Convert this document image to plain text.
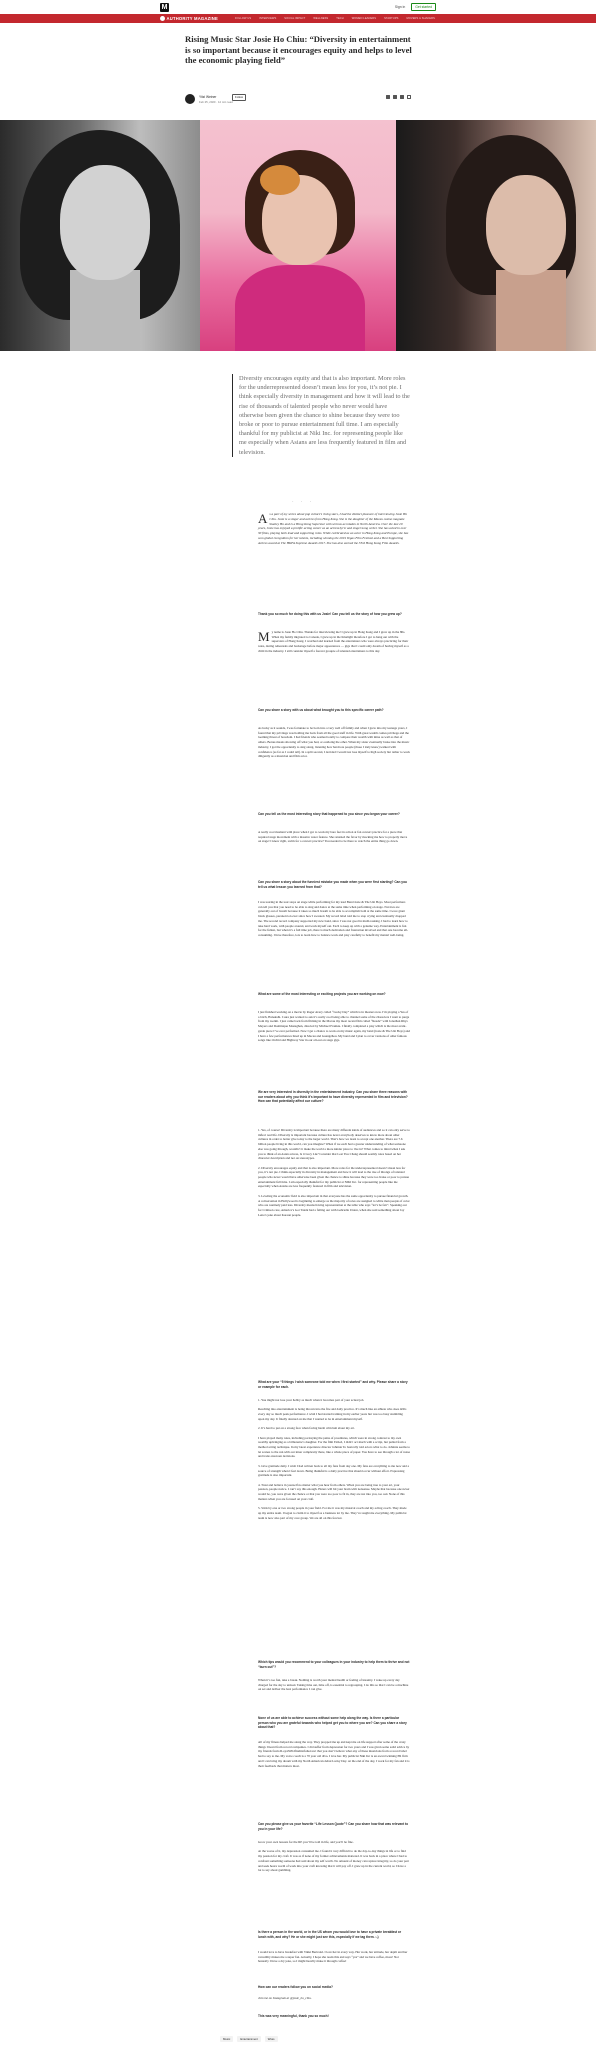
M	Sign in	Get started
AUTHORITY MAGAZINE	FOLLOW US	INTERVIEWS	SOCIAL IMPACT	WELLNESS	TECH	WOMEN LEADERS	STARTUPS	MOVERS & SHAKERS
Rising Music Star Josie Ho Chiu: “Diversity in entertainment is so important because it encourages equity and helps to level the economic playing field”
Yitzi Weiner	Follow
Feb 25, 2020 · 12 min read
Diversity encourages equity and that is also important. More roles for the underrepresented doesn’t mean less for you, it’s not pie. I think especially diversity in management and how it will lead to the rise of thousands of talented people who never would have otherwise been given the chance to shine because they were too broke or poor to pursue entertainment full time. I am especially thankful for my publicist at Niki Inc. for representing people like me especially when Asians are less frequently featured in film and television.
· · ·
As a part of my series about pop culture’s rising stars, I had the distinct pleasure of interviewing Josie Ho Chiu. Josie is a singer and actress from Hong Kong. She is the daughter of the Macau casino magnate Stanley Ho and is a Hong Kong Superstar with serious accolades in North America. Over the last 20 years, Josie has enjoyed a prolific acting career as an actress/lyric and singer/song writer. She has acted in over 30 films, playing both lead and supporting roles. While celebrated as an actor in Hong Kong and Europe, she has won global recognition for her talents, including winning the 2019 Vegas Film Festival and a Best Supporting Actress award at The HKFA Supreme Awards 2017. She has also earned the 33rd Hong Kong Film Awards.
Thank you so much for doing this with us Josie! Can you tell us the story of how you grew up?
My name is Josie Ho Chiu. Thanks for interviewing me! I grew up in Hong Kong and I grew up in the 80s. When my family migrated to Canada, I grew up in the limelight therefore I got to hang out with the superstars of Hong Kong. I watched and learned from the entertainers who were always practicing for their roles, during rehearsals and backstage before major appearances — gigs that I could only dream of having myself as a child in the industry. I still consider myself a forever groupie of talented entertainers to this day.
Can you share a story with us about what brought you to this specific career path?
As lucky as it sounds, I was fortunate to be born into a very well off family and when I grew into my teenage years, I found that my privilege was holding me back from all the good stuff in life. With great wealth comes privilege and the looming threat of boredom. I had friends who seemed totally to compare their wealth with mine as well as that of others. Bonus means showing off what you had, or outdoing the other. When my sister eventually broke into the music industry, I got the opportunity to sing along, listening how hardcore people (those I truly knew) walked with confidence (as far as I could tell). In a split second, I decided I would not lose myself to high society but rather to work diligently as a musician and film actor.
Can you tell us the most interesting story that happened to you since you began your career?
A really cool moment with place when I got to work my bare feet in action at fan concert practice for a piece that required stage movement with a massive water feature. She returned the favor by mocking me how to properly move on stage! I know right, swim for a concert practice? You needed to be there to watch the entire thing go down.
Can you share a story about the funniest mistake you made when you were first starting? Can you tell us what lesson you learned from that?
I was touring in the tour stops on stage while performing for my lead Band Josie & The Uni Boys. Most performers can tell you that you need to be able to sing and dance at the same time when performing on stage. Novices are generally out of breath because it takes so much breath to be able to accomplish both at the same time. I wore giant black glasses, paranoid on ever since how I sweated. My record label told me to stop crying and eventually dropped me. The second record company supported my new band, since I was not good in multi-tasking. I had to learn how to take hard work, with people around, and work myself out. Each to keep up with a genuine way. Entertainment is fun for the fullest, but when it's a full time job, there is much dedication and frustration involved and that one become all-consuming. I have therefore, lots to learn how to balance work and play carefully to benefit my mental well-being.
What are some of the most interesting or exciting projects you are working on now?
I just finished working on a movie by Roger Avery called “Lucky Day” which is in theaters now. I’m playing a Yes of a bitch, Hanakshi. I sure just wanted to ask it’s really cool being able to channel some of the characters I want to purge from my toolkit. I just came back from filming in the Macau my most recent film called “Reade” with Jonathan Rhys Meyers and Dominique Monaghan, directed by Michael Frankie. I finally completed a play which is the most avant-garde piece I’ve ever performed. Now I get a chance to work on my music again, my band (Josie & The Uni Boys) and I have a few performances lined up in Macau and Guangzhou. My band and I plan to cover versions of other famous songs like Orchid and Highway Star in our all-out on stage gigs.
We are very interested in diversity in the entertainment industry. Can you share three reasons with our readers about why you think it’s important to have diversity represented in film and television? How can that potentially affect our culture?
1. Yes, of course! Diversity is important because there are many different kinds of audiences and so it can only serve to inflect real life. Diversity is important because culture has never everybody deserves to know more about other cultures in order to better give today to the larger world. That’s how we learn to accept one another. There are 7.6 billion people living in this world, can you imagine? When if we each had a greater understanding of what someone else was going through, wouldn’t it make the world a more kinder place to live in? What comes to mind when I ask you to think of an Asian actress, Is it Lucy Liu? Consider that Lost You Chang should seemly roles based on her character description and not on stereotypes.

2. Diversity encourages equity and that is also important. More roles for the underrepresented doesn’t mean less for you, it’s not pie. I think especially in diversity in management and how it will lead to the rise of throngs of talented people who never would have otherwise been given the chance to shine because they were too broke or poor to pursue entertainment full time. I am especially thankful for my publicist at NIKI Inc. for representing people like me especially when Asians are less frequently featured in film and television.

3. Leveling the economic field is also important in that everyone has the same opportunity to pursue financial growth. A conversation in Hollywood is beginning to emerge as the majority of roles are assigned to white men people of color who are routinely paid less. Diversity means having representation at the table who says “let’s be fair”. Speaking out for Crimson care, America’s Got Talent had a falling out with Gabrielle Union, when she said something about Jay Leno’s joke about Korean people.
What are your “5 things I wish someone told me when I first started” and why. Please share a story or example for each.
1. You might not lose your hobby as much when it becomes part of your actual job.

Reaching into entertainment is being thrown into the fire and daily practice. It’s much like an athlete who does drills every day so much peak performance. I wish I had started training in my earlier years but was too busy stumbling upon my day. It finally dawned on me that I wanted to be in entertainment myself.

2. It’s hard to put on a strong face when facing harsh criticism about my art.

I have played many roles, including portraying the pains of prostitutes, which were in strong contrast to my own wealthy upbringing as a billionaire’s daughter. For the film Exiled, I didn’t act much with a script, but pulled from a method acting technique. In my latest experience director Johnnie To basically told actors what to do. Johnnie seems to let scenes to the run with our inner complexity there, like a whole piece of paper. You have to see through a lot of noise and trade onscreen decisions.

3. Give gratitude daily. I wish I had written back to all my fans from day one. My fans are everything to me now and a source of strength when I feel down. Being thankful is a daily practice that should occur without effort. Expressing gratitude is also important.

4. Trust and believe in yourself no matter what you hear from others. When you are being true to your art, your passion, people notice. I can’t say this enough. Haters will hit your brain with nonsense. Maybe that because one never would be, you were given the chance or that you were too poor to fit in, they are not into you, too sad. None of this matters when you are focused on your craft.

5. Stick by one or two strong people in your field. For me it was my musical coach and my acting coach. They made up my entire team. I began to claim it to myself as a business lot by me. They’ve taught me everything. My publicist team is now also part of my core group. We are all on this forever.
Which tips would you recommend to your colleagues in your industry to help them to thrive and not “burn out”?
When it’s too fun, take a break. Nothing is worth your mental health or feeling of insanity. I wake up every day charged for the day to unload. Taking time out, time off, is essential to regrouping. I do this so that I can be a machine on set and deliver the best performance I can give.
None of us are able to achieve success without some help along the way. Is there a particular person who you are grateful towards who helped get you to where you are? Can you share a story about that?
All of my fitness helped me along the way. They propped me up and kept me on life support after some of the crazy things I heard from record companies. I did suffer from depression for two years and I was given some solid advice by my friends from #LoyalWildfireKinfolkcrewt that you don’t believe what any of these musicians from a record label had to say to me. My voice coach is a 70 year old diva. I love her. My publicist Niki Inc is an award winning PR firm and I can bring my dream with my North American debut Lucky Day. At the end of the day, I work for my fan and it is their feedback that matters most.
Can you please give us your favorite “Life Lesson Quote”? Can you share how that was relevant to you in your life?
Grow your own lessons for the RE you’ll be told in life, and you’ll be fine.

At the worse of it, my depression consumed me. I found it very difficult to do the day-to-day things in life or to find my passion for my craft. It was as if none of my former achievements mattered. It was back in a place where I had to confront something someone had said about my self worth. No amount of money can replace integrity, so do your part and seek hours worth of work into your craft knowing that it will pay off. I grew up in the current world, so I have a lot to say about gambling.
Is there a person in the world, or in the US whom you would love to have a private breakfast or lunch with, and why? He or she might just see this, especially if we tag them. :-)
I would love to have breakfast with Vikki Bertrand. I love her in every way. Her work, her attitude, her depth and her versatility makes me a super fan. Actually, I hope she reads this and says “yes” and we have coffee, more! Not honestly I have a dry joke, so I might heavily make it through coffee!
How can our readers follow you on social media?
Join me on Instagram at @josie_ho_chiu.
This was very meaningful, thank you so much!
Music	Entertainment	Wsss
